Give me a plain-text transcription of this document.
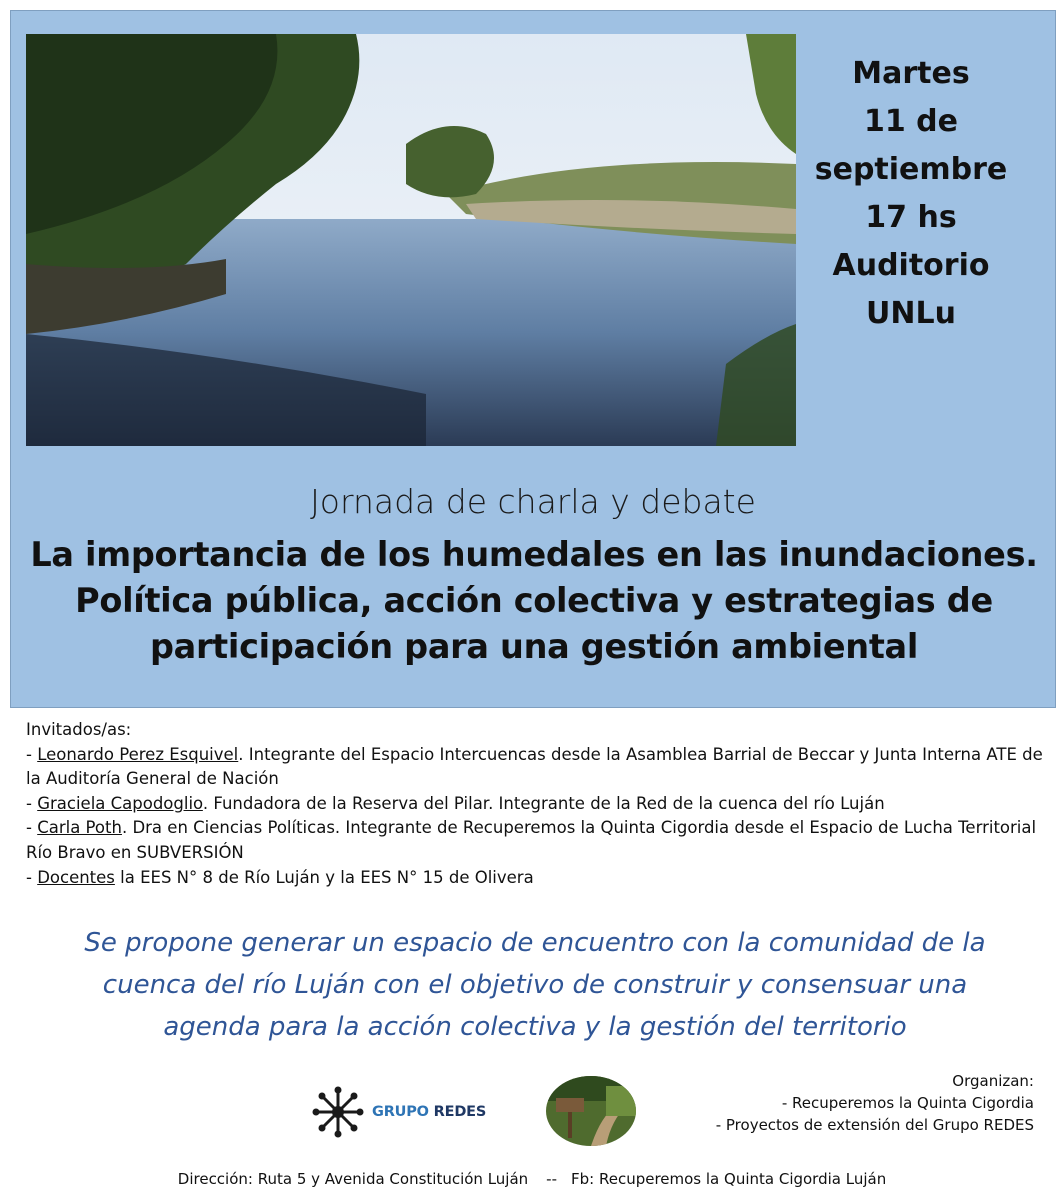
Martes
11 de
septiembre
17 hs
Auditorio
UNLu
Jornada de charla y debate
La importancia de los humedales en las inundaciones.
Política pública, acción colectiva y estrategias de
participación para una gestión ambiental

Invitados/as:

- Leonardo Perez Esquivel. Integrante del Espacio Intercuencas desde la Asamblea Barrial de Beccar y Junta Interna ATE de la Auditoría General de Nación

- Graciela Capodoglio. Fundadora de la Reserva del Pilar. Integrante de la Red de la cuenca del río Luján

- Carla Poth. Dra en Ciencias Políticas. Integrante de Recuperemos la Quinta Cigordia desde el Espacio de Lucha Territorial Río Bravo en SUBVERSIÓN

- Docentes la EES N° 8 de Río Luján y la EES N° 15 de Olivera

Se propone generar un espacio de encuentro con la comunidad de la
cuenca del río Luján con el objetivo de construir y consensuar una
agenda para la acción colectiva y la gestión del territorio
GRUPO REDES
Organizan:
- Recuperemos la Quinta Cigordia
- Proyectos de extensión del Grupo REDES
Dirección: Ruta 5 y Avenida Constitución Luján -- Fb: Recuperemos la Quinta Cigordia Luján
